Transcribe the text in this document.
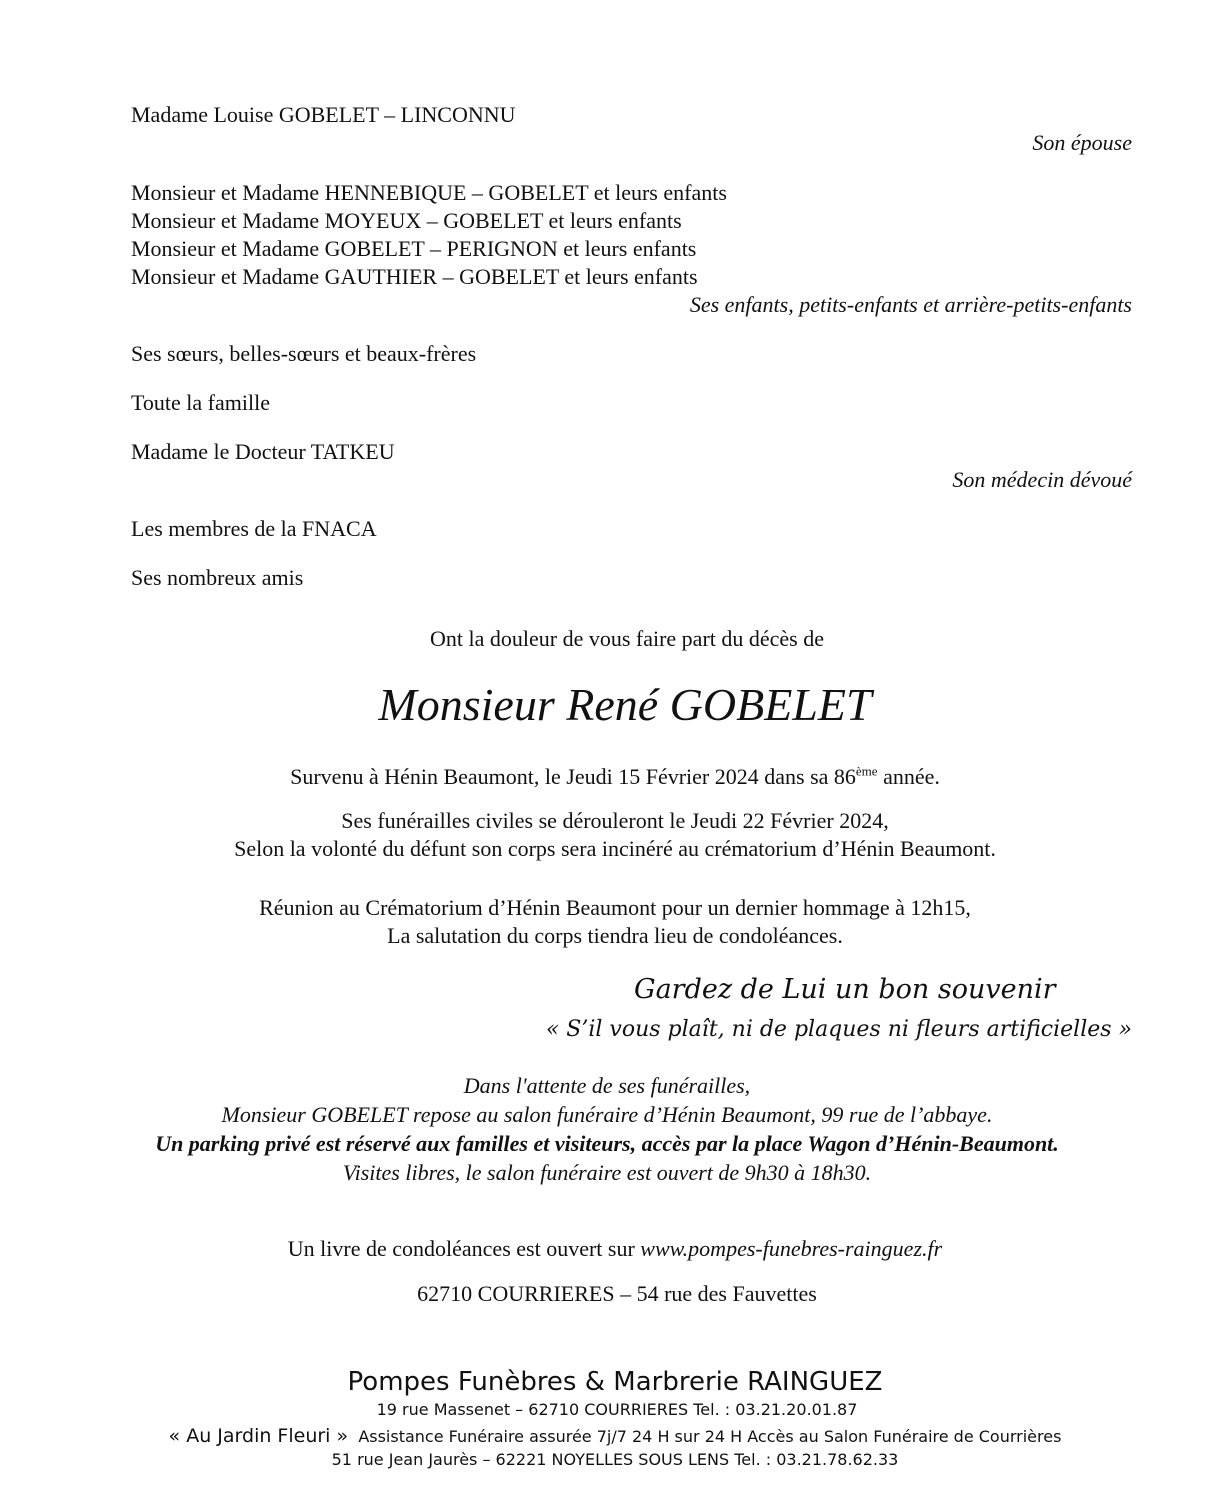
Madame Louise GOBELET – LINCONNU
Son épouse
Monsieur et Madame HENNEBIQUE – GOBELET et leurs enfants
Monsieur et Madame MOYEUX – GOBELET et leurs enfants
Monsieur et Madame GOBELET – PERIGNON et leurs enfants
Monsieur et Madame GAUTHIER – GOBELET et leurs enfants
Ses enfants, petits-enfants et arrière-petits-enfants
Ses sœurs, belles-sœurs et beaux-frères
Toute la famille
Madame le Docteur TATKEU
Son médecin dévoué
Les membres de la FNACA
Ses nombreux amis
Ont la douleur de vous faire part du décès de
Monsieur René GOBELET
Survenu à Hénin Beaumont, le Jeudi 15 Février 2024 dans sa 86ème année.
Ses funérailles civiles se dérouleront le Jeudi 22 Février 2024,
Selon la volonté du défunt son corps sera incinéré au crématorium d’Hénin Beaumont.
Réunion au Crématorium d’Hénin Beaumont pour un dernier hommage à 12h15,
La salutation du corps tiendra lieu de condoléances.
Gardez de Lui un bon souvenir
« S’il vous plaît, ni de plaques ni fleurs artificielles »
Dans l'attente de ses funérailles,
Monsieur GOBELET repose au salon funéraire d’Hénin Beaumont, 99 rue de l’abbaye.
Un parking privé est réservé aux familles et visiteurs, accès par la place Wagon d’Hénin-Beaumont.
Visites libres, le salon funéraire est ouvert de 9h30 à 18h30.
Un livre de condoléances est ouvert sur www.pompes-funebres-rainguez.fr
62710 COURRIERES – 54 rue des Fauvettes
Pompes Funèbres & Marbrerie RAINGUEZ
19 rue Massenet – 62710 COURRIERES Tel. : 03.21.20.01.87
« Au Jardin Fleuri » Assistance Funéraire assurée 7j/7 24 H sur 24 H Accès au Salon Funéraire de Courrières
51 rue Jean Jaurès – 62221 NOYELLES SOUS LENS Tel. : 03.21.78.62.33
